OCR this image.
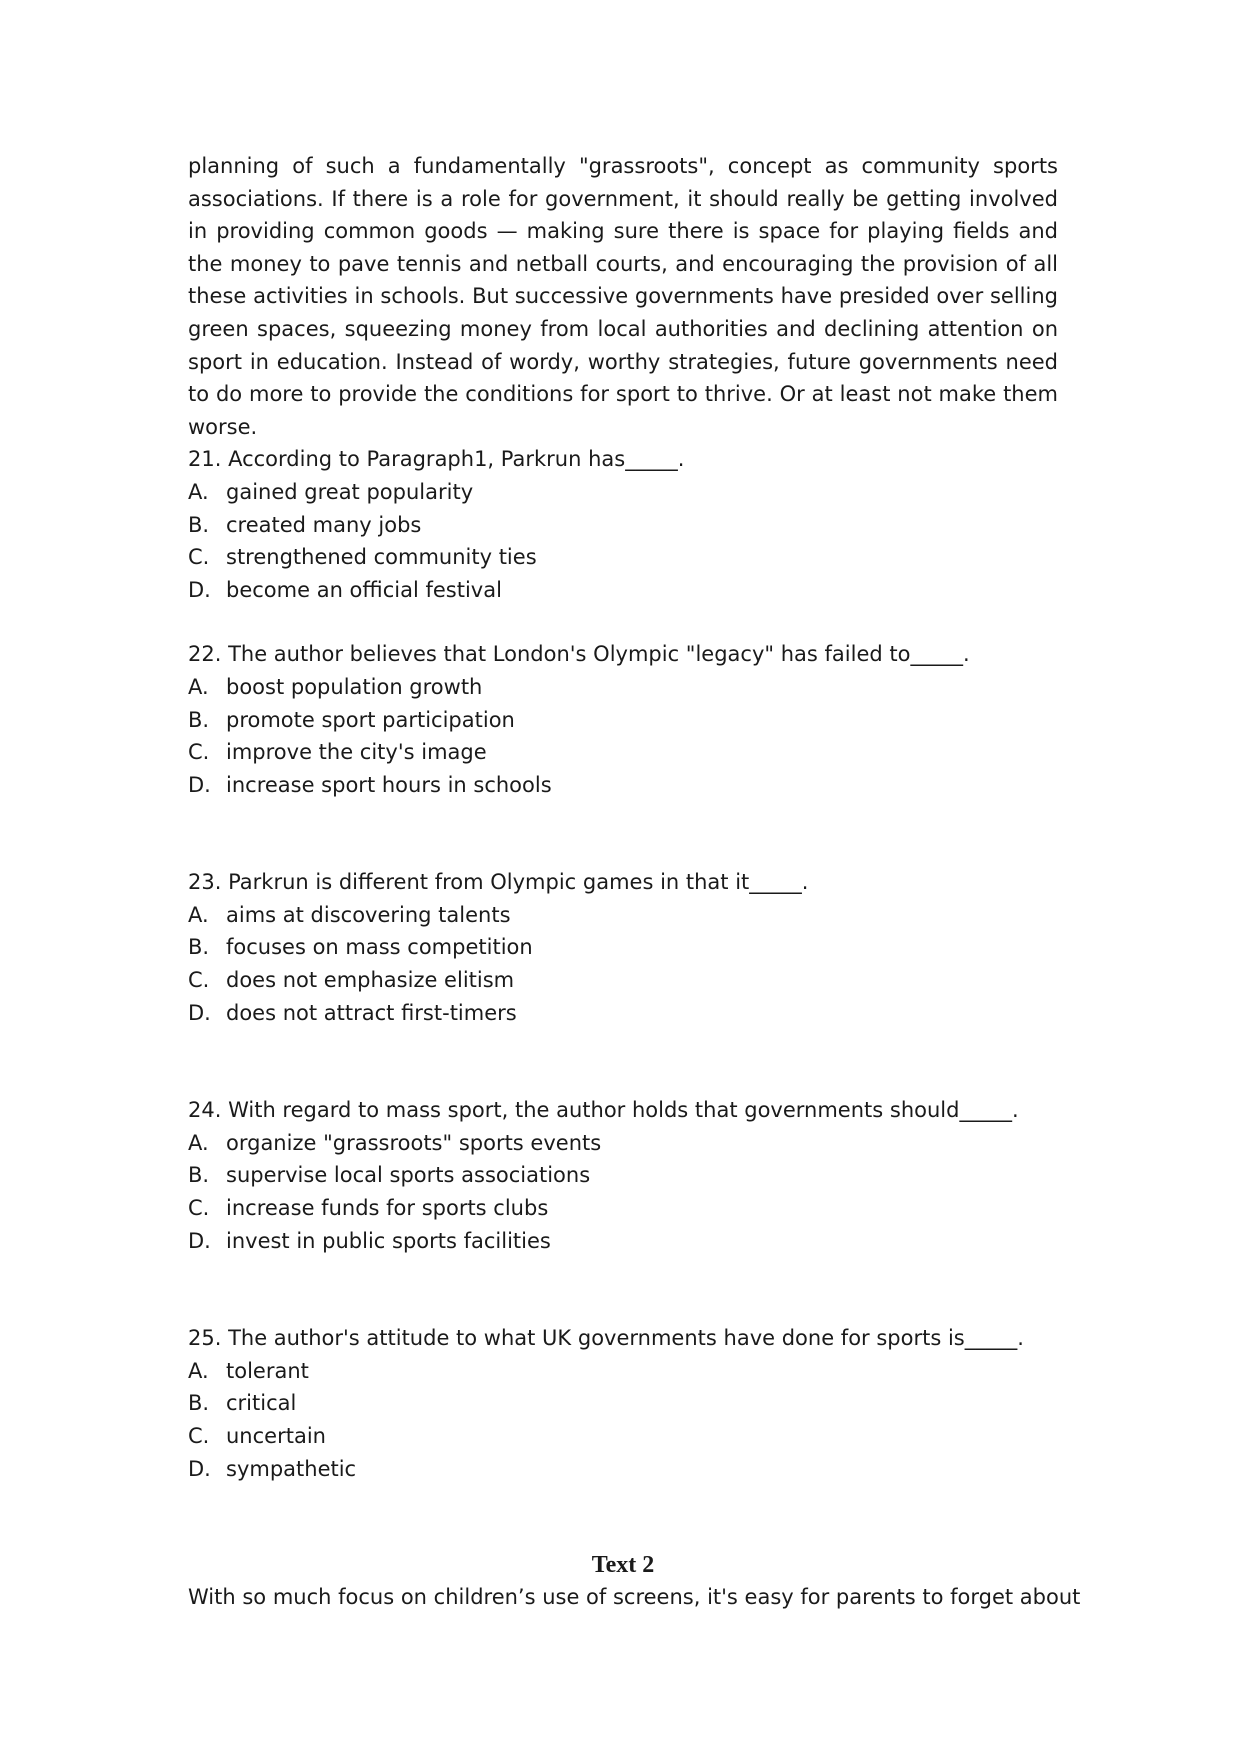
planning of such a fundamentally "grassroots", concept as community sports associations. If there is a role for government, it should really be getting involved in providing common goods — making sure there is space for playing fields and the money to pave tennis and netball courts, and encouraging the provision of all these activities in schools. But successive governments have presided over selling green spaces, squeezing money from local authorities and declining attention on sport in education. Instead of wordy, worthy strategies, future governments need to do more to provide the conditions for sport to thrive. Or at least not make them worse.

21. According to Paragraph1, Parkrun has_____.

A. gained great popularity
B. created many jobs
C. strengthened community ties
D. become an official festival

22. The author believes that London's Olympic "legacy" has failed to_____.

A. boost population growth
B. promote sport participation
C. improve the city's image
D. increase sport hours in schools

23. Parkrun is different from Olympic games in that it_____.

A. aims at discovering talents
B. focuses on mass competition
C. does not emphasize elitism
D. does not attract first-timers

24. With regard to mass sport, the author holds that governments should_____.

A. organize "grassroots" sports events
B. supervise local sports associations
C. increase funds for sports clubs
D. invest in public sports facilities

25. The author's attitude to what UK governments have done for sports is_____.

A. tolerant
B. critical
C. uncertain
D. sympathetic
Text 2

With so much focus on children’s use of screens, it's easy for parents to forget about
